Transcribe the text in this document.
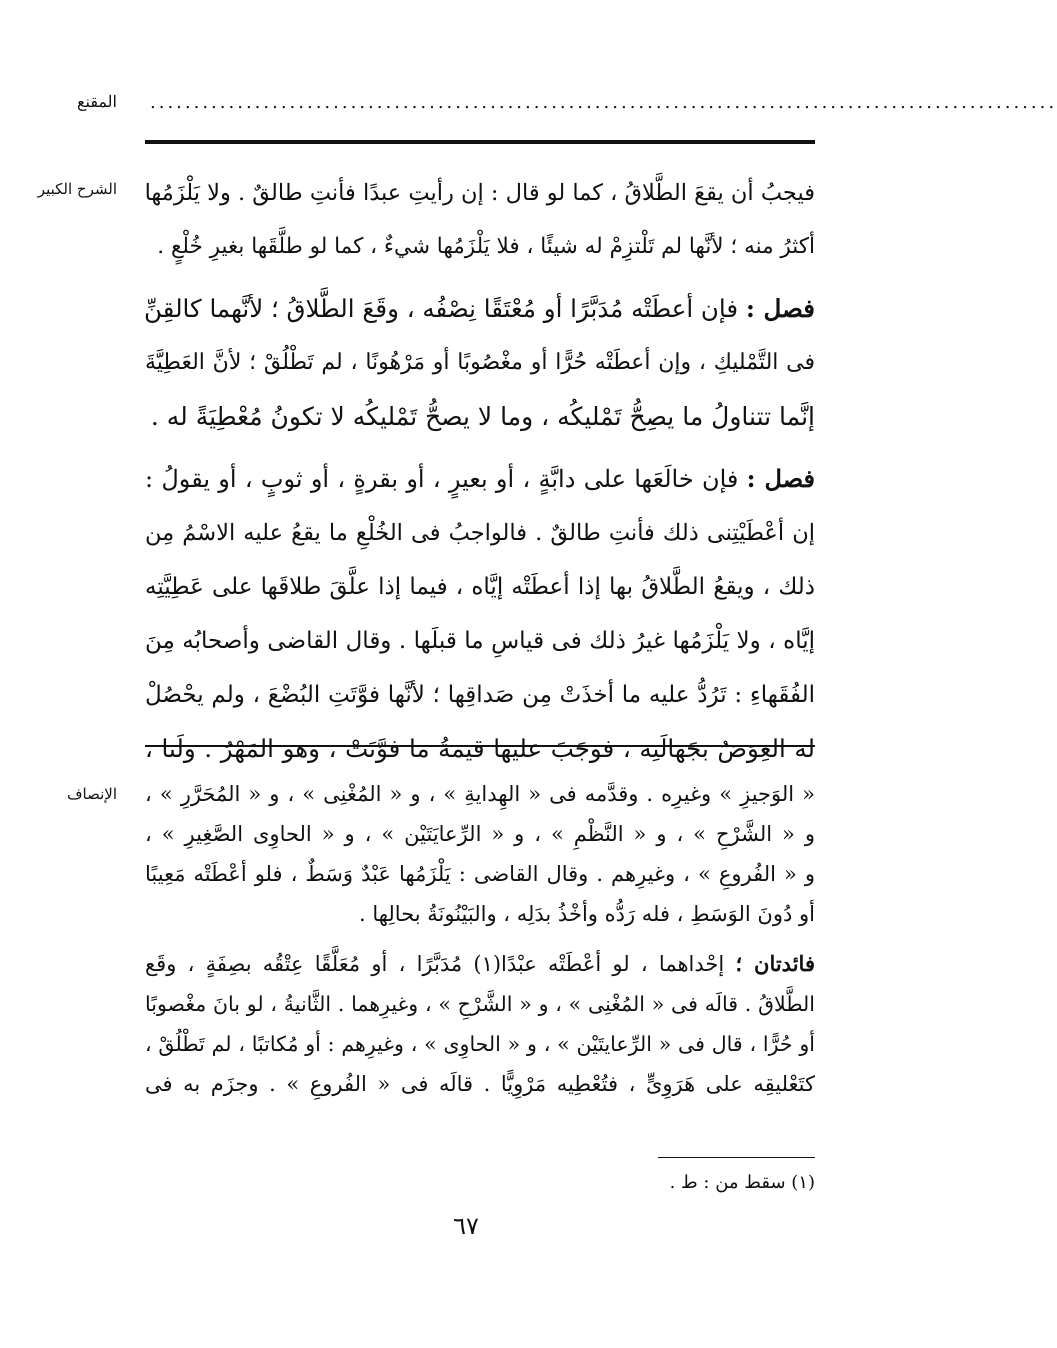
المقنع ........................................................................................................
الشرح الكبير فيجبُ أن يقعَ الطَّلاقُ ، كما لو قال : إن رأيتِ عبدًا فأنتِ طالقٌ . ولا يَلْزَمُها
أكثرُ منه ؛ لأنَّها لم تَلْتزِمْ له شيئًا ، فلا يَلْزَمُها شيءٌ ، كما لو طلَّقَها بغيرِ خُلْعٍ .
فصل : فإن أعطَتْه مُدَبَّرًا أو مُعْتَقًا نِصْفُه ، وقَعَ الطَّلاقُ ؛ لأنَّهما كالقِنِّ
فى التَّمْليكِ ، وإن أعطَتْه حُرًّا أو مغْصُوبًا أو مَرْهُونًا ، لم تَطْلُقْ ؛ لأنَّ العَطِيَّةَ
إنَّما تتناولُ ما يصِحُّ تَمْليكُه ، وما لا يصحُّ تَمْليكُه لا تكونُ مُعْطِيَةً له .
فصل : فإن خالَعَها على دابَّةٍ ، أو بعيرٍ ، أو بقرةٍ ، أو ثوبٍ ، أو يقولُ :
إن أعْطَيْتِنى ذلك فأنتِ طالقٌ . فالواجبُ فى الخُلْعِ ما يقعُ عليه الاسْمُ مِن
ذلك ، ويقعُ الطَّلاقُ بها إذا أعطَتْه إيَّاه ، فيما إذا علَّقَ طلاقَها على عَطِيَّتِه
إيَّاه ، ولا يَلْزَمُها غيرُ ذلك فى قياسِ ما قبلَها . وقال القاضى وأصحابُه مِنَ
الفُقَهاءِ : تَرُدُّ عليه ما أخذَتْ مِن صَداقِها ؛ لأنَّها فوَّتَتِ البُضْعَ ، ولم يحْصُلْ
له العِوَضُ بجَهالَتِه ، فوجَبَ عليها قيمةُ ما فوَّتَتْ ، وهو المَهْرُ . ولَنا ،
الإنصاف « الوَجيزِ » وغيرِه . وقدَّمه فى « الهِدايةِ » ، و « المُغْنِى » ، و « المُحَرَّرِ » ،
و « الشَّرْحِ » ، و « النَّظْمِ » ، و « الرِّعايَتَيْن » ، و « الحاوِى الصَّغِيرِ » ،
و « الفُروعِ » ، وغيرِهم . وقال القاضى : يَلْزَمُها عَبْدٌ وَسَطٌ ، فلو أعْطَتْه مَعِيبًا
أو دُونَ الوَسَطِ ، فله رَدُّه وأخْذُ بدَلِه ، والبَيْنُونَةُ بحالِها .
فائدتان ؛ إحْداهما ، لو أعْطَتْه عبْدًا(١) مُدَبَّرًا ، أو مُعَلَّقًا عِتْقُه بصِفَةٍ ، وقَع
الطَّلاقُ . قالَه فى « المُغْنِى » ، و « الشَّرْحِ » ، وغيرِهما . الثَّانيةُ ، لو بانَ مغْصوبًا
أو حُرًّا ، قال فى « الرِّعايتَيْن » ، و « الحاوِى » ، وغيرِهم : أو مُكاتبًا ، لم تَطْلُقْ ،
كتَعْليقِه على هَرَوِىٍّ ، فتُعْطِيه مَرْوِيًّا . قالَه فى « الفُروعِ » . وجزَم به فى
(١) سقط من : ط .
٦٧
